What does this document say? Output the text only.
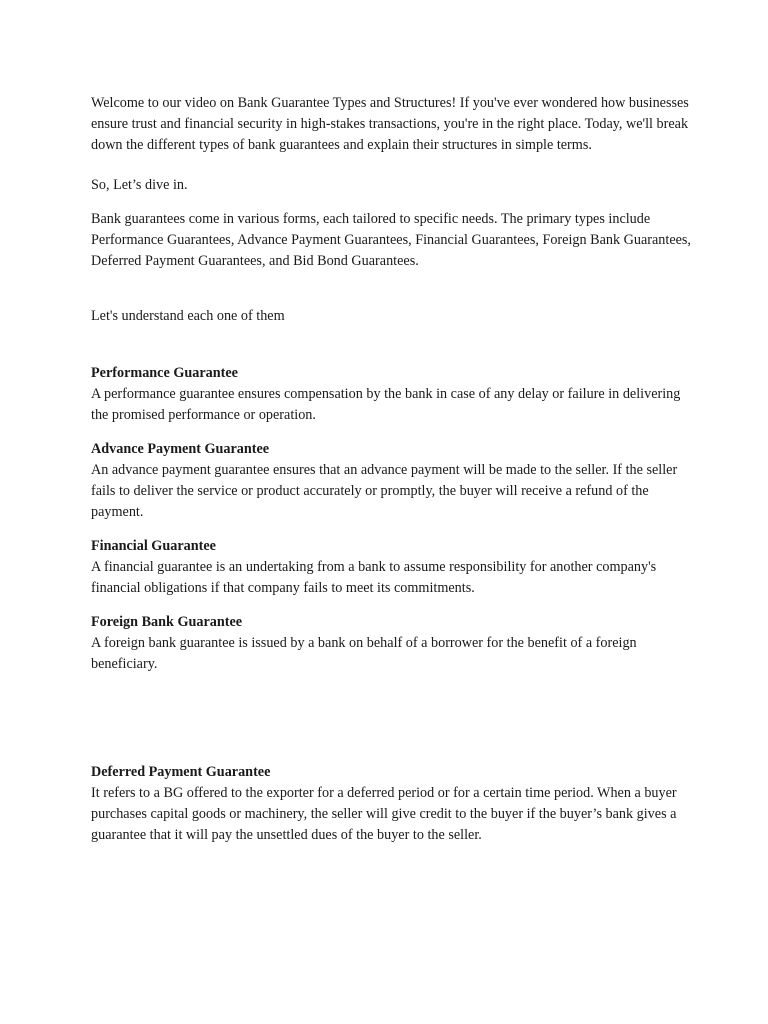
Welcome to our video on Bank Guarantee Types and Structures! If you've ever wondered how businesses ensure trust and financial security in high-stakes transactions, you're in the right place. Today, we'll break down the different types of bank guarantees and explain their structures in simple terms.

So, Let’s dive in.

Bank guarantees come in various forms, each tailored to specific needs. The primary types include Performance Guarantees, Advance Payment Guarantees, Financial Guarantees, Foreign Bank Guarantees, Deferred Payment Guarantees, and Bid Bond Guarantees.

Let's understand each one of them

Performance Guarantee

A performance guarantee ensures compensation by the bank in case of any delay or failure in delivering the promised performance or operation.

Advance Payment Guarantee

An advance payment guarantee ensures that an advance payment will be made to the seller. If the seller fails to deliver the service or product accurately or promptly, the buyer will receive a refund of the payment.

Financial Guarantee

A financial guarantee is an undertaking from a bank to assume responsibility for another company's financial obligations if that company fails to meet its commitments.

Foreign Bank Guarantee

A foreign bank guarantee is issued by a bank on behalf of a borrower for the benefit of a foreign beneficiary.

Deferred Payment Guarantee

It refers to a BG offered to the exporter for a deferred period or for a certain time period. When a buyer purchases capital goods or machinery, the seller will give credit to the buyer if the buyer’s bank gives a guarantee that it will pay the unsettled dues of the buyer to the seller.
